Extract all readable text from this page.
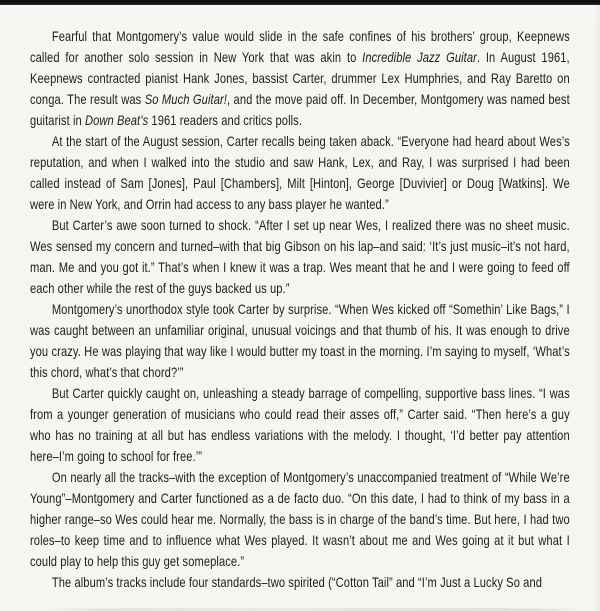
Fearful that Montgomery’s value would slide in the safe confines of his brothers’ group, Keepnews called for another solo session in New York that was akin to Incredible Jazz Guitar. In August 1961, Keepnews contracted pianist Hank Jones, bassist Carter, drummer Lex Humphries, and Ray Baretto on conga. The result was So Much Guitar!, and the move paid off. In December, Montgomery was named best guitarist in Down Beat’s 1961 readers and critics polls.

At the start of the August session, Carter recalls being taken aback. “Everyone had heard about Wes’s reputation, and when I walked into the studio and saw Hank, Lex, and Ray, I was surprised I had been called instead of Sam [Jones], Paul [Chambers], Milt [Hinton], George [Duvivier] or Doug [Watkins]. We were in New York, and Orrin had access to any bass player he wanted.”

But Carter’s awe soon turned to shock. “After I set up near Wes, I realized there was no sheet music. Wes sensed my concern and turned–with that big Gibson on his lap–and said: ‘It’s just music–it’s not hard, man. Me and you got it.” That’s when I knew it was a trap. Wes meant that he and I were going to feed off each other while the rest of the guys backed us up.”

Montgomery’s unorthodox style took Carter by surprise. “When Wes kicked off “Somethin’ Like Bags,” I was caught between an unfamiliar original, unusual voicings and that thumb of his. It was enough to drive you crazy. He was playing that way like I would butter my toast in the morning. I’m saying to myself, ‘What’s this chord, what’s that chord?’”

But Carter quickly caught on, unleashing a steady barrage of compelling, supportive bass lines. “I was from a younger generation of musicians who could read their asses off,” Carter said. “Then here’s a guy who has no training at all but has endless variations with the melody. I thought, ‘I’d better pay attention here–I’m going to school for free.’”

On nearly all the tracks–with the exception of Montgomery’s unaccompanied treatment of “While We’re Young”–Montgomery and Carter functioned as a de facto duo. “On this date, I had to think of my bass in a higher range–so Wes could hear me. Normally, the bass is in charge of the band’s time. But here, I had two roles–to keep time and to influence what Wes played. It wasn’t about me and Wes going at it but what I could play to help this guy get someplace.”

The album’s tracks include four standards–two spirited (“Cotton Tail” and “I’m Just a Lucky So and
